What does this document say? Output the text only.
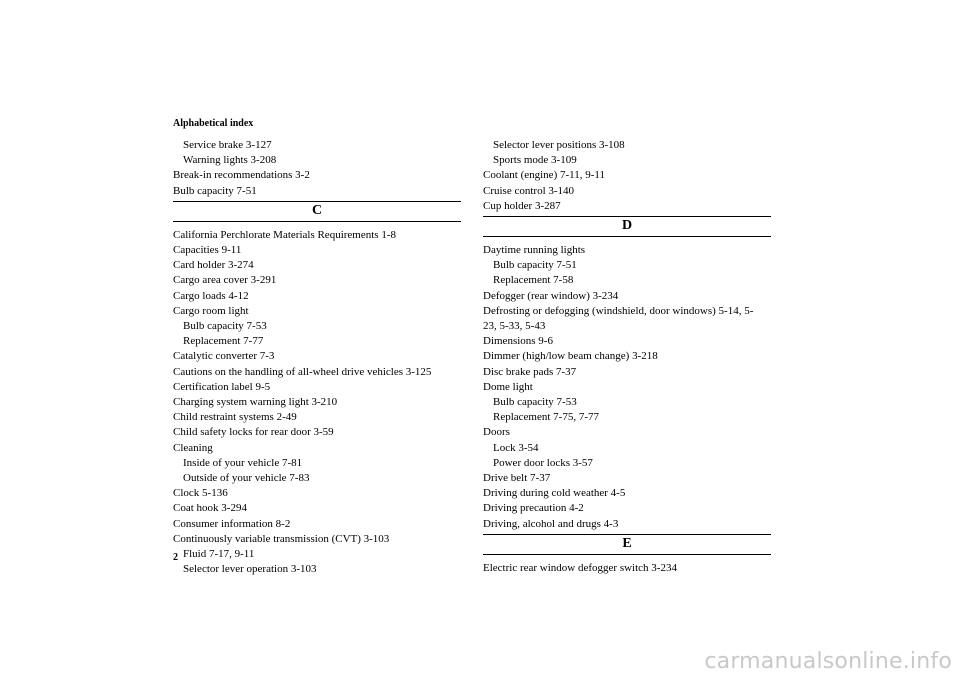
Alphabetical index
Service brake 3-127
Warning lights 3-208
Break-in recommendations 3-2
Bulb capacity 7-51
C
California Perchlorate Materials Requirements 1-8
Capacities 9-11
Card holder 3-274
Cargo area cover 3-291
Cargo loads 4-12
Cargo room light
Bulb capacity 7-53
Replacement 7-77
Catalytic converter 7-3
Cautions on the handling of all-wheel drive vehicles 3-125
Certification label 9-5
Charging system warning light 3-210
Child restraint systems 2-49
Child safety locks for rear door 3-59
Cleaning
Inside of your vehicle 7-81
Outside of your vehicle 7-83
Clock 5-136
Coat hook 3-294
Consumer information 8-2
Continuously variable transmission (CVT) 3-103
Fluid 7-17, 9-11
Selector lever operation 3-103
Selector lever positions 3-108
Sports mode 3-109
Coolant (engine) 7-11, 9-11
Cruise control 3-140
Cup holder 3-287
D
Daytime running lights
Bulb capacity 7-51
Replacement 7-58
Defogger (rear window) 3-234
Defrosting or defogging (windshield, door windows) 5-14, 5-
23, 5-33, 5-43
Dimensions 9-6
Dimmer (high/low beam change) 3-218
Disc brake pads 7-37
Dome light
Bulb capacity 7-53
Replacement 7-75, 7-77
Doors
Lock 3-54
Power door locks 3-57
Drive belt 7-37
Driving during cold weather 4-5
Driving precaution 4-2
Driving, alcohol and drugs 4-3
E
Electric rear window defogger switch 3-234
2
carmanualsonline.info
